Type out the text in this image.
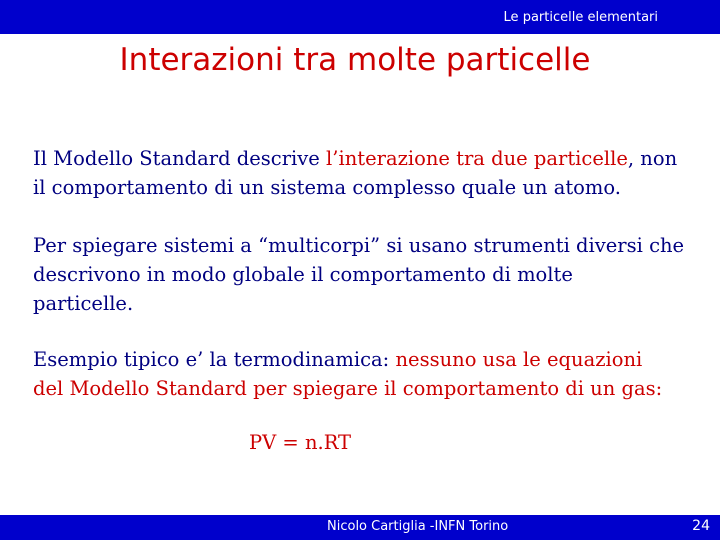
Le particelle elementari
Interazioni tra molte particelle

Il Modello Standard descrive l’interazione tra due particelle, non
il comportamento di un sistema complesso quale un atomo.

Per spiegare sistemi a “multicorpi” si usano strumenti diversi che
descrivono in modo globale il comportamento di molte
particelle.

Esempio tipico e’ la termodinamica: nessuno usa le equazioni
del Modello Standard per spiegare il comportamento di un gas:

PV = n.RT

Nicolo Cartiglia -INFN Torino	24
